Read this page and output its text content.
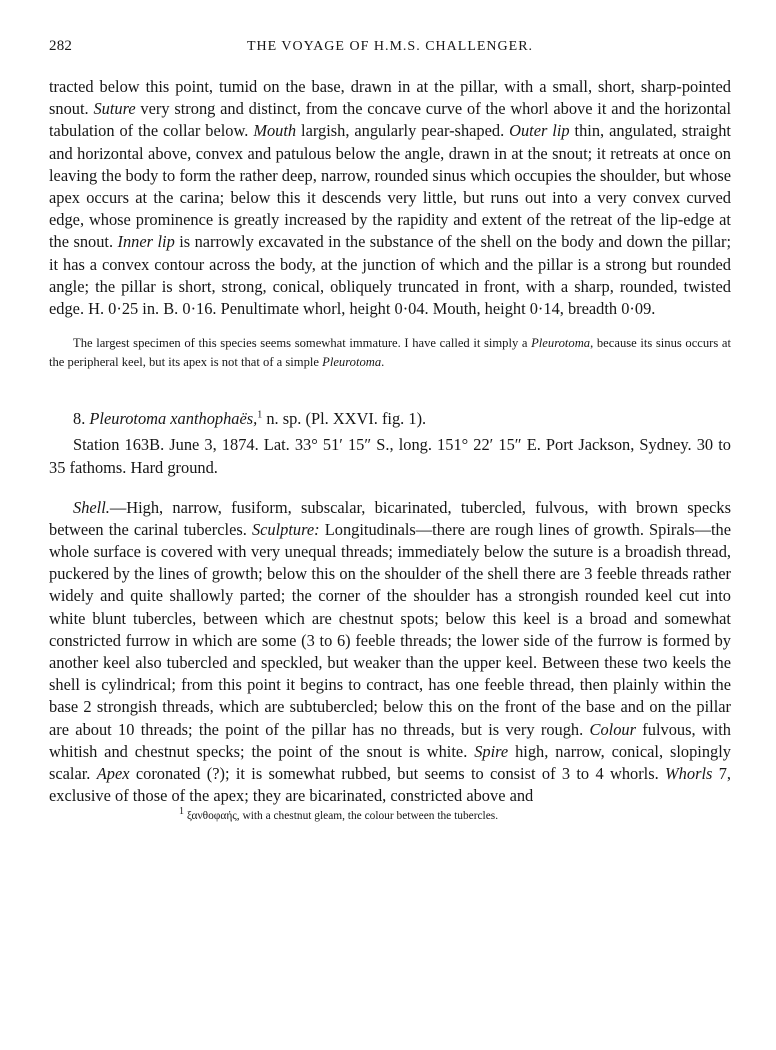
282	THE VOYAGE OF H.M.S. CHALLENGER.

tracted below this point, tumid on the base, drawn in at the pillar, with a small, short, sharp-pointed snout. Suture very strong and distinct, from the concave curve of the whorl above it and the horizontal tabulation of the collar below. Mouth largish, angularly pear-shaped. Outer lip thin, angulated, straight and horizontal above, convex and patulous below the angle, drawn in at the snout; it retreats at once on leaving the body to form the rather deep, narrow, rounded sinus which occupies the shoulder, but whose apex occurs at the carina; below this it descends very little, but runs out into a very convex curved edge, whose prominence is greatly increased by the rapidity and extent of the retreat of the lip-edge at the snout. Inner lip is narrowly excavated in the substance of the shell on the body and down the pillar; it has a convex contour across the body, at the junction of which and the pillar is a strong but rounded angle; the pillar is short, strong, conical, obliquely truncated in front, with a sharp, rounded, twisted edge. H. 0·25 in. B. 0·16. Penultimate whorl, height 0·04. Mouth, height 0·14, breadth 0·09.

The largest specimen of this species seems somewhat immature. I have called it simply a Pleurotoma, because its sinus occurs at the peripheral keel, but its apex is not that of a simple Pleurotoma.

8. Pleurotoma xanthophaës,$^1$ n. sp. (Pl. XXVI. fig. 1).

Station 163B. June 3, 1874. Lat. 33° 51′ 15″ S., long. 151° 22′ 15″ E. Port Jackson, Sydney. 30 to 35 fathoms. Hard ground.

Shell.—High, narrow, fusiform, subscalar, bicarinated, tubercled, fulvous, with brown specks between the carinal tubercles. Sculpture: Longitudinals—there are rough lines of growth. Spirals—the whole surface is covered with very unequal threads; immediately below the suture is a broadish thread, puckered by the lines of growth; below this on the shoulder of the shell there are 3 feeble threads rather widely and quite shallowly parted; the corner of the shoulder has a strongish rounded keel cut into white blunt tubercles, between which are chestnut spots; below this keel is a broad and somewhat constricted furrow in which are some (3 to 6) feeble threads; the lower side of the furrow is formed by another keel also tubercled and speckled, but weaker than the upper keel. Between these two keels the shell is cylindrical; from this point it begins to contract, has one feeble thread, then plainly within the base 2 strongish threads, which are subtubercled; below this on the front of the base and on the pillar are about 10 threads; the point of the pillar has no threads, but is very rough. Colour fulvous, with whitish and chestnut specks; the point of the snout is white. Spire high, narrow, conical, slopingly scalar. Apex coronated (?); it is somewhat rubbed, but seems to consist of 3 to 4 whorls. Whorls 7, exclusive of those of the apex; they are bicarinated, constricted above and

$^1$ ξανθοφαής, with a chestnut gleam, the colour between the tubercles.
